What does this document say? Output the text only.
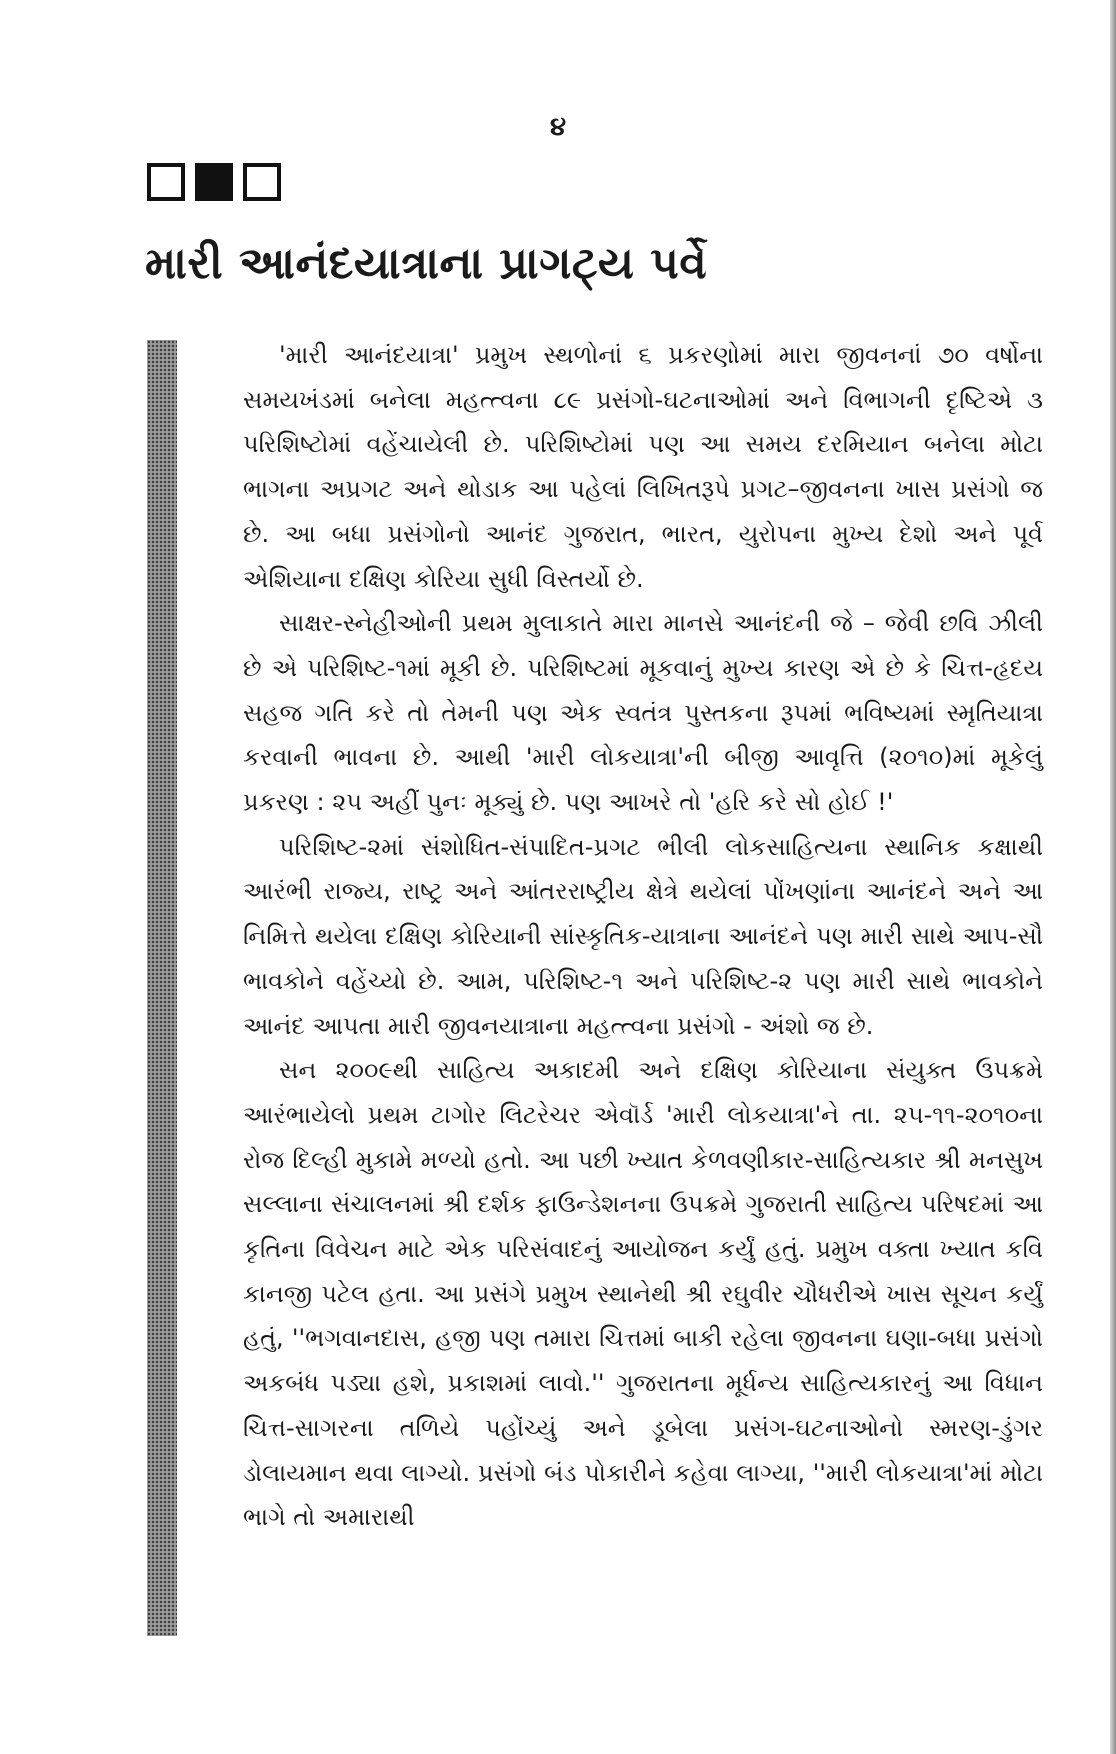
૪
મારી આનંદયાત્રાના પ્રાગટ્ય પર્વે

'મારી આનંદયાત્રા' પ્રમુખ સ્થળોનાં ૬ પ્રકરણોમાં મારા જીવનનાં ૭૦ વર્ષોના સમયખંડમાં બનેલા મહત્ત્વના ૮૯ પ્રસંગો-ઘટનાઓમાં અને વિભાગની દૃષ્ટિએ ૩ પરિશિષ્ટોમાં વહેંચાયેલી છે. પરિશિષ્ટોમાં પણ આ સમય દરમિયાન બનેલા મોટા ભાગના અપ્રગટ અને થોડાક આ પહેલાં લિખિતરૂપે પ્રગટ–જીવનના ખાસ પ્રસંગો જ છે. આ બધા પ્રસંગોનો આનંદ ગુજરાત, ભારત, યુરોપના મુખ્ય દેશો અને પૂર્વ એશિયાના દક્ષિણ કોરિયા સુધી વિસ્તર્યો છે.

સાક્ષર-સ્નેહીઓની પ્રથમ મુલાકાતે મારા માનસે આનંદની જે – જેવી છવિ ઝીલી છે એ પરિશિષ્ટ-૧માં મૂકી છે. પરિશિષ્ટમાં મૂકવાનું મુખ્ય કારણ એ છે કે ચિત્ત-હૃદય સહજ ગતિ કરે તો તેમની પણ એક સ્વતંત્ર પુસ્તકના રૂપમાં ભવિષ્યમાં સ્મૃતિયાત્રા કરવાની ભાવના છે. આથી 'મારી લોકયાત્રા'ની બીજી આવૃત્તિ (૨૦૧૦)માં મૂકેલું પ્રકરણ : ૨૫ અહીં પુનઃ મૂક્યું છે. પણ આખરે તો 'હરિ કરે સો હોઈ !'

પરિશિષ્ટ-૨માં સંશોધિત-સંપાદિત-પ્રગટ ભીલી લોકસાહિત્યના સ્થાનિક કક્ષાથી આરંભી રાજ્ય, રાષ્ટ્ર અને આંતરરાષ્ટ્રીય ક્ષેત્રે થયેલાં પોંખણાંના આનંદને અને આ નિમિત્તે થયેલા દક્ષિણ કોરિયાની સાંસ્કૃતિક-યાત્રાના આનંદને પણ મારી સાથે આપ-સૌ ભાવકોને વહેંચ્યો છે. આમ, પરિશિષ્ટ-૧ અને પરિશિષ્ટ-૨ પણ મારી સાથે ભાવકોને આનંદ આપતા મારી જીવનયાત્રાના મહત્ત્વના પ્રસંગો - અંશો જ છે.

સન ૨૦૦૯થી સાહિત્ય અકાદમી અને દક્ષિણ કોરિયાના સંયુક્ત ઉપક્રમે આરંભાયેલો પ્રથમ ટાગોર લિટરેચર એવૉર્ડ 'મારી લોકયાત્રા'ને તા. ૨૫-૧૧-૨૦૧૦ના રોજ દિલ્હી મુકામે મળ્યો હતો. આ પછી ખ્યાત કેળવણીકાર-સાહિત્યકાર શ્રી મનસુખ સલ્લાના સંચાલનમાં શ્રી દર્શક ફાઉન્ડેશનના ઉપક્રમે ગુજરાતી સાહિત્ય પરિષદમાં આ કૃતિના વિવેચન માટે એક પરિસંવાદનું આયોજન કર્યું હતું. પ્રમુખ વક્તા ખ્યાત કવિ કાનજી પટેલ હતા. આ પ્રસંગે પ્રમુખ સ્થાનેથી શ્રી રઘુવીર ચૌધરીએ ખાસ સૂચન કર્યું હતું, ''ભગવાનદાસ, હજી પણ તમારા ચિત્તમાં બાકી રહેલા જીવનના ઘણા-બધા પ્રસંગો અકબંધ પડ્યા હશે, પ્રકાશમાં લાવો.'' ગુજરાતના મૂર્ધન્ય સાહિત્યકારનું આ વિધાન ચિત્ત-સાગરના તળિયે પહોંચ્યું અને ડૂબેલા પ્રસંગ-ઘટનાઓનો સ્મરણ-ડુંગર ડોલાયમાન થવા લાગ્યો. પ્રસંગો બંડ પોકારીને કહેવા લાગ્યા, ''મારી લોકયાત્રા'માં મોટા ભાગે તો અમારાથી
